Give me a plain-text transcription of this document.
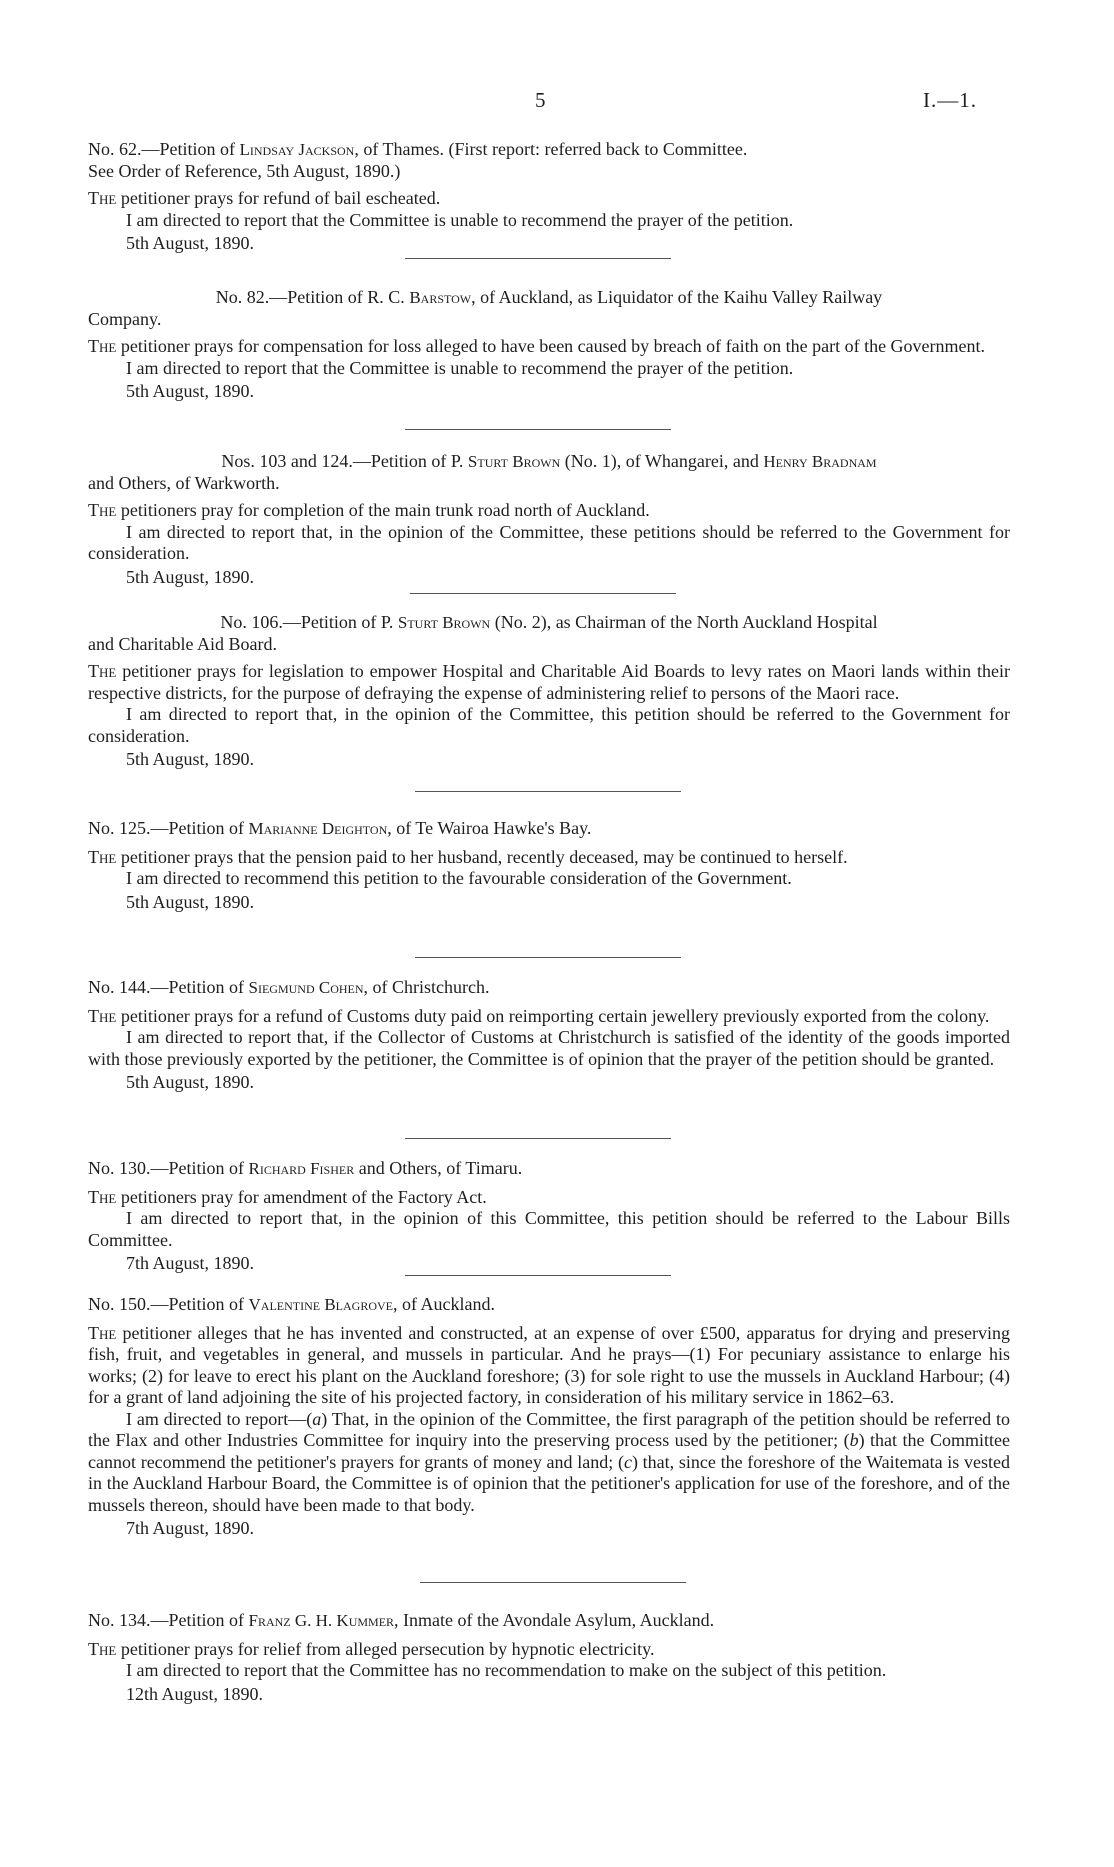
5	I.—1.

No. 62.—Petition of Lindsay Jackson, of Thames. (First report: referred back to Committee.

See Order of Reference, 5th August, 1890.)

The petitioner prays for refund of bail escheated.

I am directed to report that the Committee is unable to recommend the prayer of the petition.

5th August, 1890.

No. 82.—Petition of R. C. Barstow, of Auckland, as Liquidator of the Kaihu Valley Railway

Company.

The petitioner prays for compensation for loss alleged to have been caused by breach of faith on the part of the Government.

I am directed to report that the Committee is unable to recommend the prayer of the petition.

5th August, 1890.

Nos. 103 and 124.—Petition of P. Sturt Brown (No. 1), of Whangarei, and Henry Bradnam

and Others, of Warkworth.

The petitioners pray for completion of the main trunk road north of Auckland.

I am directed to report that, in the opinion of the Committee, these petitions should be referred to the Government for consideration.

5th August, 1890.

No. 106.—Petition of P. Sturt Brown (No. 2), as Chairman of the North Auckland Hospital

and Charitable Aid Board.

The petitioner prays for legislation to empower Hospital and Charitable Aid Boards to levy rates on Maori lands within their respective districts, for the purpose of defraying the expense of administering relief to persons of the Maori race.

I am directed to report that, in the opinion of the Committee, this petition should be referred to the Government for consideration.

5th August, 1890.

No. 125.—Petition of Marianne Deighton, of Te Wairoa Hawke's Bay.

The petitioner prays that the pension paid to her husband, recently deceased, may be continued to herself.

I am directed to recommend this petition to the favourable consideration of the Government.

5th August, 1890.

No. 144.—Petition of Siegmund Cohen, of Christchurch.

The petitioner prays for a refund of Customs duty paid on reimporting certain jewellery previously exported from the colony.

I am directed to report that, if the Collector of Customs at Christchurch is satisfied of the identity of the goods imported with those previously exported by the petitioner, the Committee is of opinion that the prayer of the petition should be granted.

5th August, 1890.

No. 130.—Petition of Richard Fisher and Others, of Timaru.

The petitioners pray for amendment of the Factory Act.

I am directed to report that, in the opinion of this Committee, this petition should be referred to the Labour Bills Committee.

7th August, 1890.

No. 150.—Petition of Valentine Blagrove, of Auckland.

The petitioner alleges that he has invented and constructed, at an expense of over £500, apparatus for drying and preserving fish, fruit, and vegetables in general, and mussels in particular. And he prays—(1) For pecuniary assistance to enlarge his works; (2) for leave to erect his plant on the Auckland foreshore; (3) for sole right to use the mussels in Auckland Harbour; (4) for a grant of land adjoining the site of his projected factory, in consideration of his military service in 1862–63.

I am directed to report—(a) That, in the opinion of the Committee, the first paragraph of the petition should be referred to the Flax and other Industries Committee for inquiry into the preserving process used by the petitioner; (b) that the Committee cannot recommend the petitioner's prayers for grants of money and land; (c) that, since the foreshore of the Waitemata is vested in the Auckland Harbour Board, the Committee is of opinion that the petitioner's application for use of the foreshore, and of the mussels thereon, should have been made to that body.

7th August, 1890.

No. 134.—Petition of Franz G. H. Kummer, Inmate of the Avondale Asylum, Auckland.

The petitioner prays for relief from alleged persecution by hypnotic electricity.

I am directed to report that the Committee has no recommendation to make on the subject of this petition.

12th August, 1890.
